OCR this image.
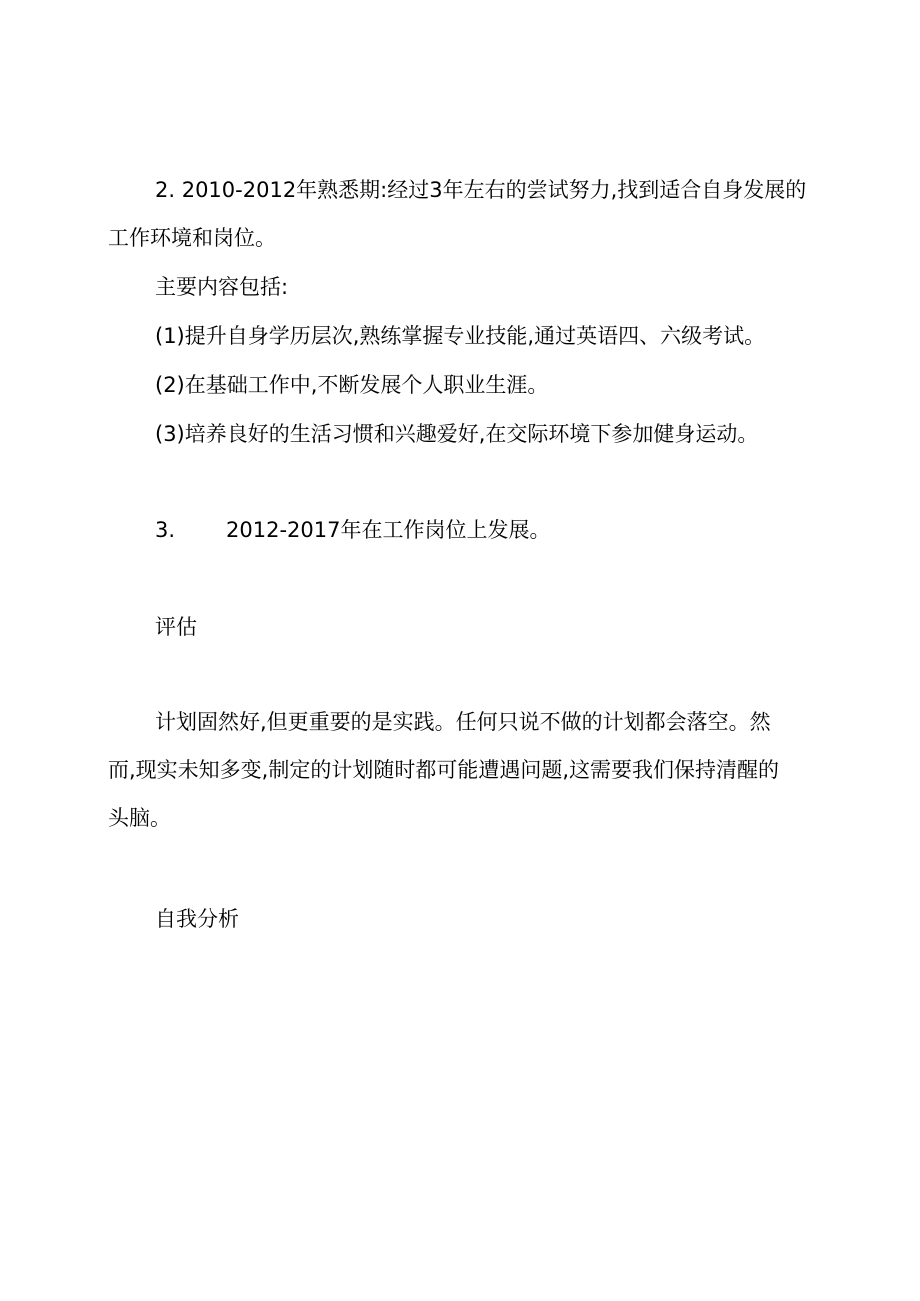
2. 2010-2012年熟悉期:经过3年左右的尝试努力,找到适合自身发展的
工作环境和岗位。
主要内容包括:
(1)提升自身学历层次,熟练掌握专业技能,通过英语四、六级考试。
(2)在基础工作中,不断发展个人职业生涯。
(3)培养良好的生活习惯和兴趣爱好,在交际环境下参加健身运动。
3. 2012-2017年在工作岗位上发展。
评估
计划固然好,但更重要的是实践。任何只说不做的计划都会落空。然
而,现实未知多变,制定的计划随时都可能遭遇问题,这需要我们保持清醒的
头脑。
自我分析
